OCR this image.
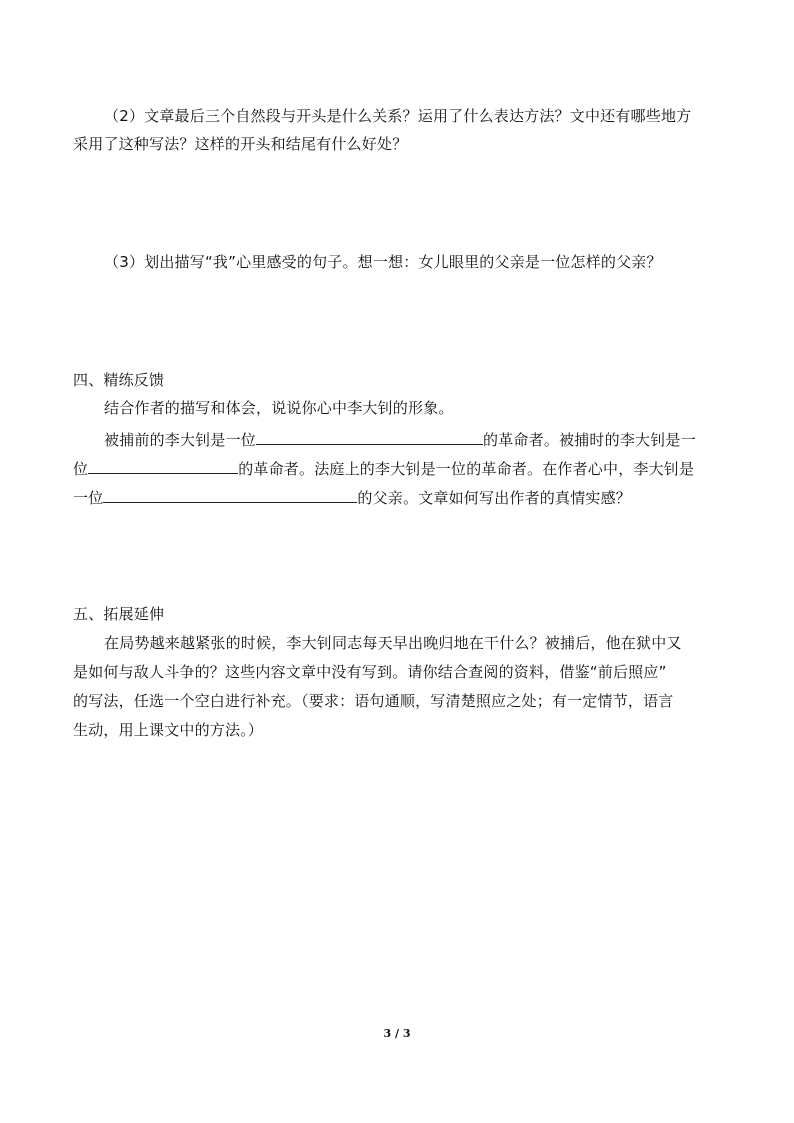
（2）文章最后三个自然段与开头是什么关系？运用了什么表达方法？文中还有哪些地方
采用了这种写法？这样的开头和结尾有什么好处？
（3）划出描写“我”心里感受的句子。想一想：女儿眼里的父亲是一位怎样的父亲？
四、精练反馈
结合作者的描写和体会，说说你心中李大钊的形象。
被捕前的李大钊是一位	的革命者。被捕时的李大钊是一
位	的革命者。法庭上的李大钊是一位的革命者。在作者心中，李大钊是
一位	的父亲。文章如何写出作者的真情实感？
五、拓展延伸
在局势越来越紧张的时候，李大钊同志每天早出晚归地在干什么？被捕后，他在狱中又
是如何与敌人斗争的？这些内容文章中没有写到。请你结合查阅的资料，借鉴“前后照应”
的写法，任选一个空白进行补充。（要求：语句通顺，写清楚照应之处；有一定情节，语言
生动，用上课文中的方法。）
3 / 3
